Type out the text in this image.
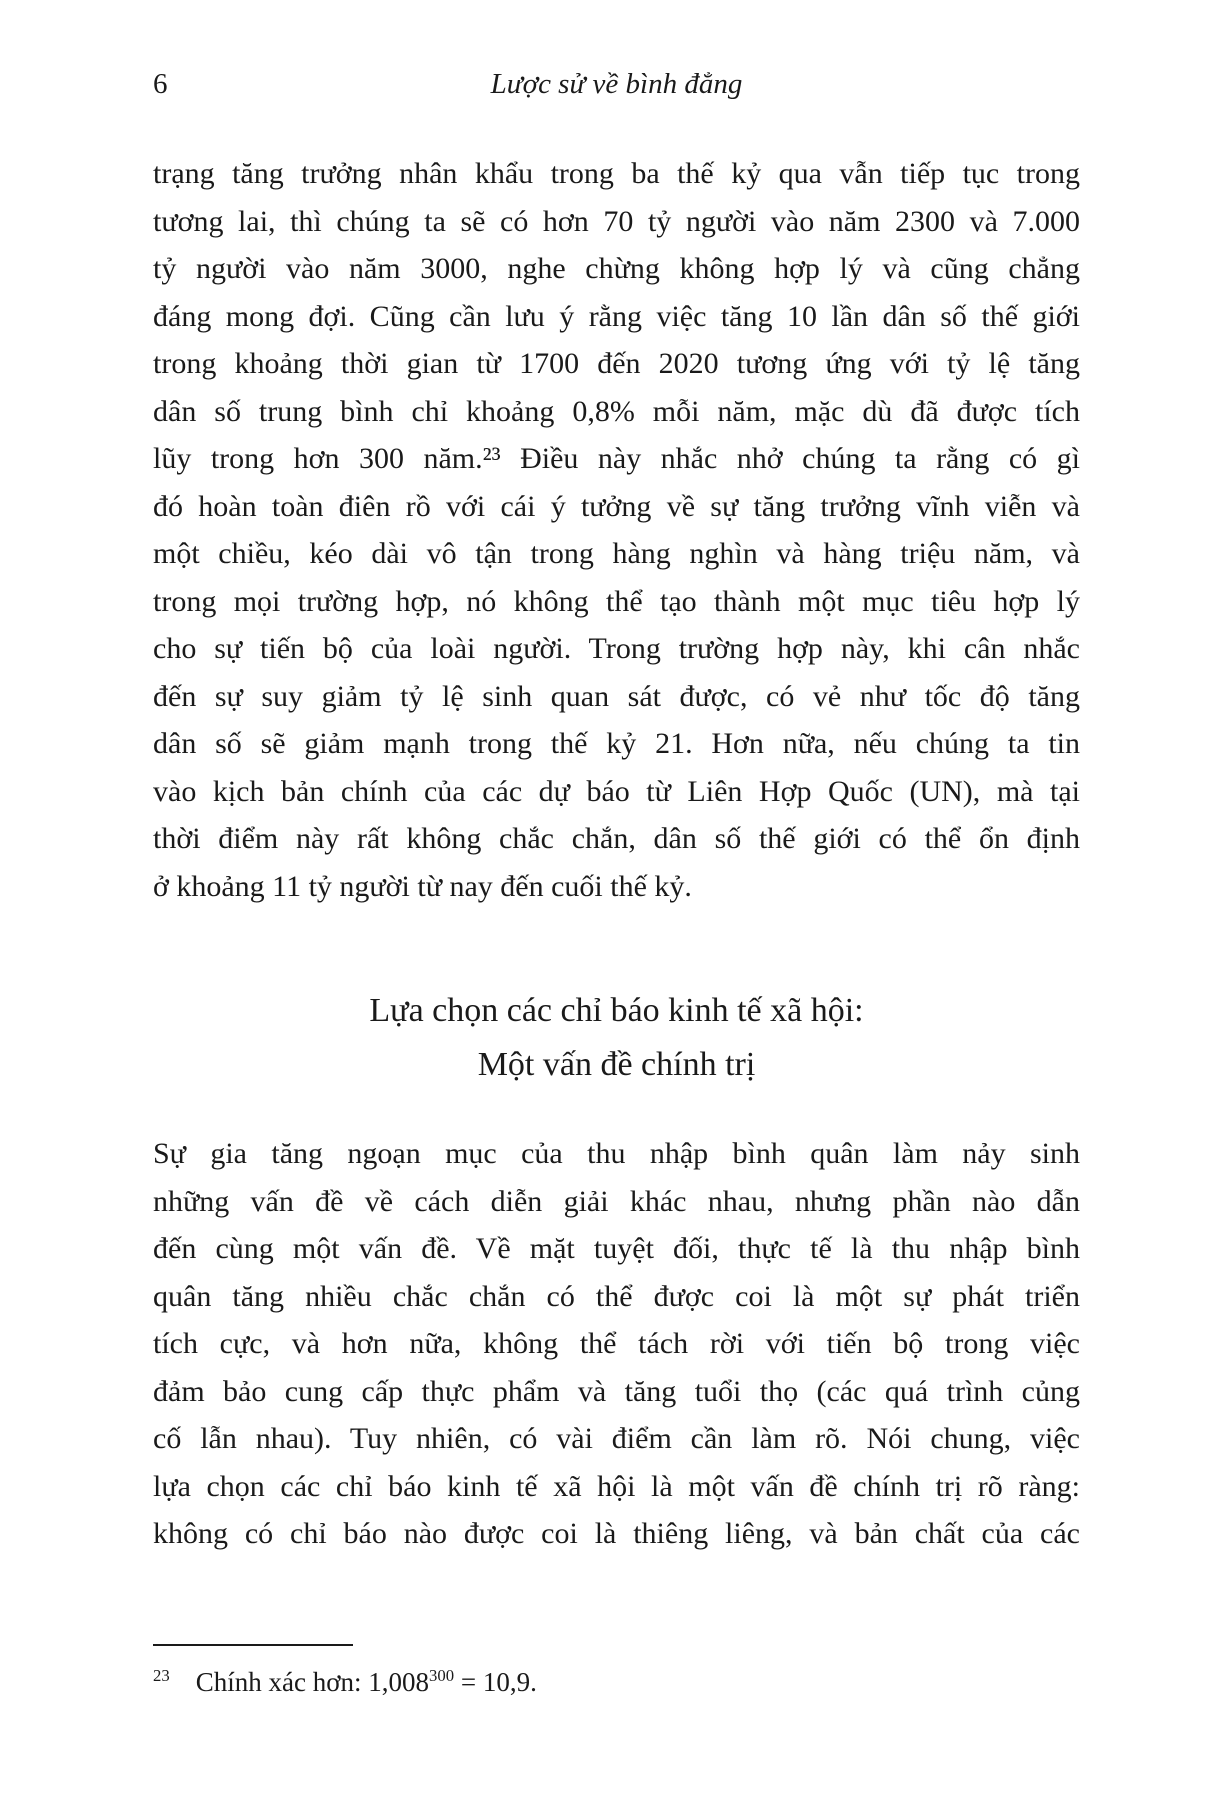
6	Lược sử về bình đẳng
trạng tăng trưởng nhân khẩu trong ba thế kỷ qua vẫn tiếp tục trong
tương lai, thì chúng ta sẽ có hơn 70 tỷ người vào năm 2300 và 7.000
tỷ người vào năm 3000, nghe chừng không hợp lý và cũng chẳng
đáng mong đợi. Cũng cần lưu ý rằng việc tăng 10 lần dân số thế giới
trong khoảng thời gian từ 1700 đến 2020 tương ứng với tỷ lệ tăng
dân số trung bình chỉ khoảng 0,8% mỗi năm, mặc dù đã được tích
lũy trong hơn 300 năm.²³ Điều này nhắc nhở chúng ta rằng có gì
đó hoàn toàn điên rồ với cái ý tưởng về sự tăng trưởng vĩnh viễn và
một chiều, kéo dài vô tận trong hàng nghìn và hàng triệu năm, và
trong mọi trường hợp, nó không thể tạo thành một mục tiêu hợp lý
cho sự tiến bộ của loài người. Trong trường hợp này, khi cân nhắc
đến sự suy giảm tỷ lệ sinh quan sát được, có vẻ như tốc độ tăng
dân số sẽ giảm mạnh trong thế kỷ 21. Hơn nữa, nếu chúng ta tin
vào kịch bản chính của các dự báo từ Liên Hợp Quốc (UN), mà tại
thời điểm này rất không chắc chắn, dân số thế giới có thể ổn định
ở khoảng 11 tỷ người từ nay đến cuối thế kỷ.
Lựa chọn các chỉ báo kinh tế xã hội:
Một vấn đề chính trị
Sự gia tăng ngoạn mục của thu nhập bình quân làm nảy sinh
những vấn đề về cách diễn giải khác nhau, nhưng phần nào dẫn
đến cùng một vấn đề. Về mặt tuyệt đối, thực tế là thu nhập bình
quân tăng nhiều chắc chắn có thể được coi là một sự phát triển
tích cực, và hơn nữa, không thể tách rời với tiến bộ trong việc
đảm bảo cung cấp thực phẩm và tăng tuổi thọ (các quá trình củng
cố lẫn nhau). Tuy nhiên, có vài điểm cần làm rõ. Nói chung, việc
lựa chọn các chỉ báo kinh tế xã hội là một vấn đề chính trị rõ ràng:
không có chỉ báo nào được coi là thiêng liêng, và bản chất của các
$^{23}$ Chính xác hơn: 1,008$^{300}$ = 10,9.
